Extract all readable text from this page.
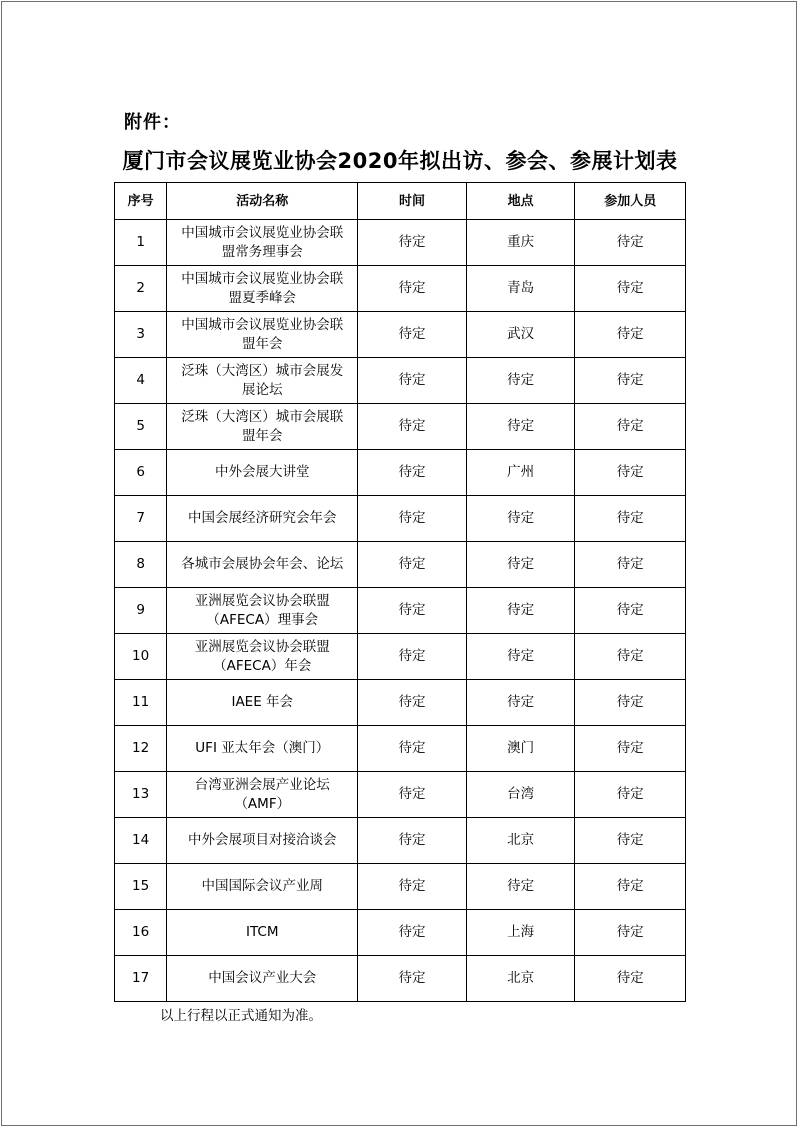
附件：
厦门市会议展览业协会2020年拟出访、参会、参展计划表
序号	活动名称	时间	地点	参加人员
1	中国城市会议展览业协会联盟常务理事会	待定	重庆	待定
2	中国城市会议展览业协会联盟夏季峰会	待定	青岛	待定
3	中国城市会议展览业协会联盟年会	待定	武汉	待定
4	泛珠（大湾区）城市会展发展论坛	待定	待定	待定
5	泛珠（大湾区）城市会展联盟年会	待定	待定	待定
6	中外会展大讲堂	待定	广州	待定
7	中国会展经济研究会年会	待定	待定	待定
8	各城市会展协会年会、论坛	待定	待定	待定
9	亚洲展览会议协会联盟（AFECA）理事会	待定	待定	待定
10	亚洲展览会议协会联盟（AFECA）年会	待定	待定	待定
11	IAEE 年会	待定	待定	待定
12	UFI 亚太年会（澳门）	待定	澳门	待定
13	台湾亚洲会展产业论坛（AMF）	待定	台湾	待定
14	中外会展项目对接洽谈会	待定	北京	待定
15	中国国际会议产业周	待定	待定	待定
16	ITCM	待定	上海	待定
17	中国会议产业大会	待定	北京	待定
以上行程以正式通知为准。
